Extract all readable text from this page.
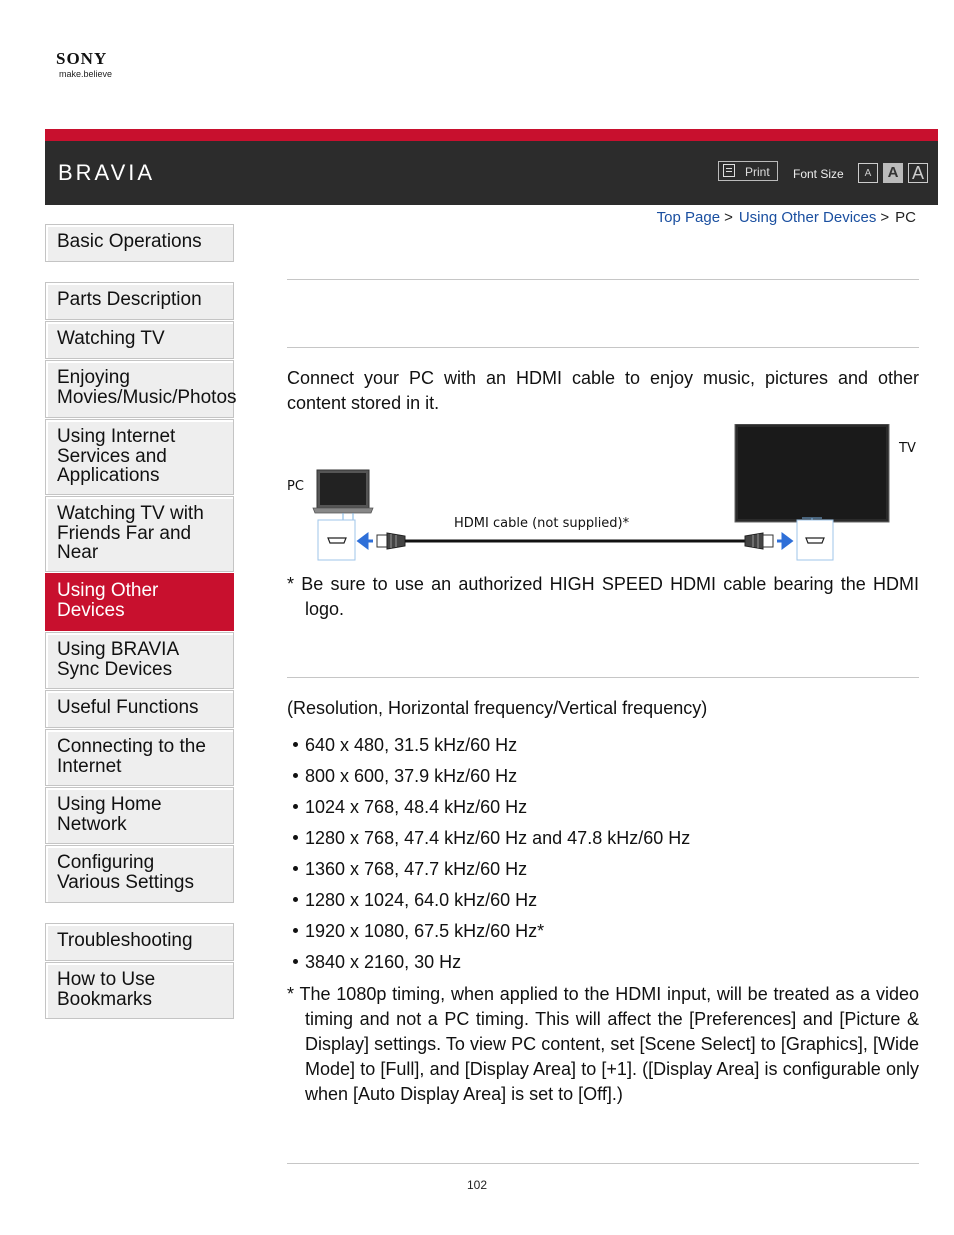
SONY
make.believe
BRAVIA	Print Font Size	A	A A
Top Page > Using Other Devices > PC
Basic Operations
Parts Description
Watching TV
Enjoying Movies/Music/Photos
Using Internet Services and Applications
Watching TV with Friends Far and Near
Using Other Devices
Using BRAVIA Sync Devices
Useful Functions
Connecting to the Internet
Using Home Network
Configuring Various Settings
Troubleshooting
How to Use Bookmarks
Connect your PC with an HDMI cable to enjoy music, pictures and other content stored in it.
PC
HDMI cable (not supplied)*
TV
* Be sure to use an authorized HIGH SPEED HDMI cable bearing the HDMI logo.
(Resolution, Horizontal frequency/Vertical frequency)
640 x 480, 31.5 kHz/60 Hz
800 x 600, 37.9 kHz/60 Hz
1024 x 768, 48.4 kHz/60 Hz
1280 x 768, 47.4 kHz/60 Hz and 47.8 kHz/60 Hz
1360 x 768, 47.7 kHz/60 Hz
1280 x 1024, 64.0 kHz/60 Hz
1920 x 1080, 67.5 kHz/60 Hz*
3840 x 2160, 30 Hz
* The 1080p timing, when applied to the HDMI input, will be treated as a video timing and not a PC timing. This will affect the [Preferences] and [Picture & Display] settings. To view PC content, set [Scene Select] to [Graphics], [Wide Mode] to [Full], and [Display Area] to [+1]. ([Display Area] is configurable only when [Auto Display Area] is set to [Off].)
102
